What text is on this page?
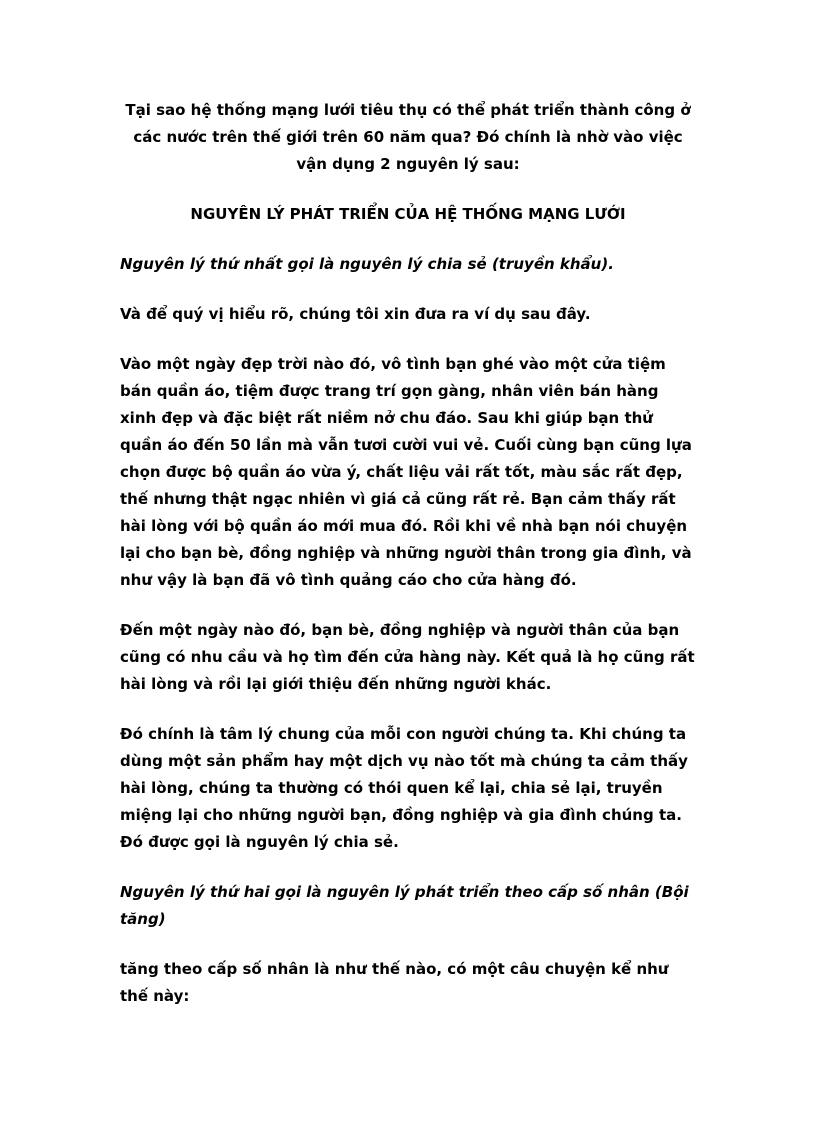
Tại sao hệ thống mạng lưới tiêu thụ có thể phát triển thành công ở các nước trên thế giới trên 60 năm qua? Đó chính là nhờ vào việc vận dụng 2 nguyên lý sau:

NGUYÊN LÝ PHÁT TRIỂN CỦA HỆ THỐNG MẠNG LƯỚI

Nguyên lý thứ nhất gọi là nguyên lý chia sẻ (truyền khẩu).

Và để quý vị hiểu rõ, chúng tôi xin đưa ra ví dụ sau đây.

Vào một ngày đẹp trời nào đó, vô tình bạn ghé vào một cửa tiệm bán quần áo, tiệm được trang trí gọn gàng, nhân viên bán hàng xinh đẹp và đặc biệt rất niềm nở chu đáo. Sau khi giúp bạn thử quần áo đến 50 lần mà vẫn tươi cười vui vẻ. Cuối cùng bạn cũng lựa chọn được bộ quần áo vừa ý, chất liệu vải rất tốt, màu sắc rất đẹp, thế nhưng thật ngạc nhiên vì giá cả cũng rất rẻ. Bạn cảm thấy rất hài lòng với bộ quần áo mới mua đó. Rồi khi về nhà bạn nói chuyện lại cho bạn bè, đồng nghiệp và những người thân trong gia đình, và như vậy là bạn đã vô tình quảng cáo cho cửa hàng đó.

Đến một ngày nào đó, bạn bè, đồng nghiệp và người thân của bạn cũng có nhu cầu và họ tìm đến cửa hàng này. Kết quả là họ cũng rất hài lòng và rồi lại giới thiệu đến những người khác.

Đó chính là tâm lý chung của mỗi con người chúng ta. Khi chúng ta dùng một sản phẩm hay một dịch vụ nào tốt mà chúng ta cảm thấy hài lòng, chúng ta thường có thói quen kể lại, chia sẻ lại, truyền miệng lại cho những người bạn, đồng nghiệp và gia đình chúng ta. Đó được gọi là nguyên lý chia sẻ.

Nguyên lý thứ hai gọi là nguyên lý phát triển theo cấp số nhân (Bội tăng)

tăng theo cấp số nhân là như thế nào, có một câu chuyện kể như thế này:
